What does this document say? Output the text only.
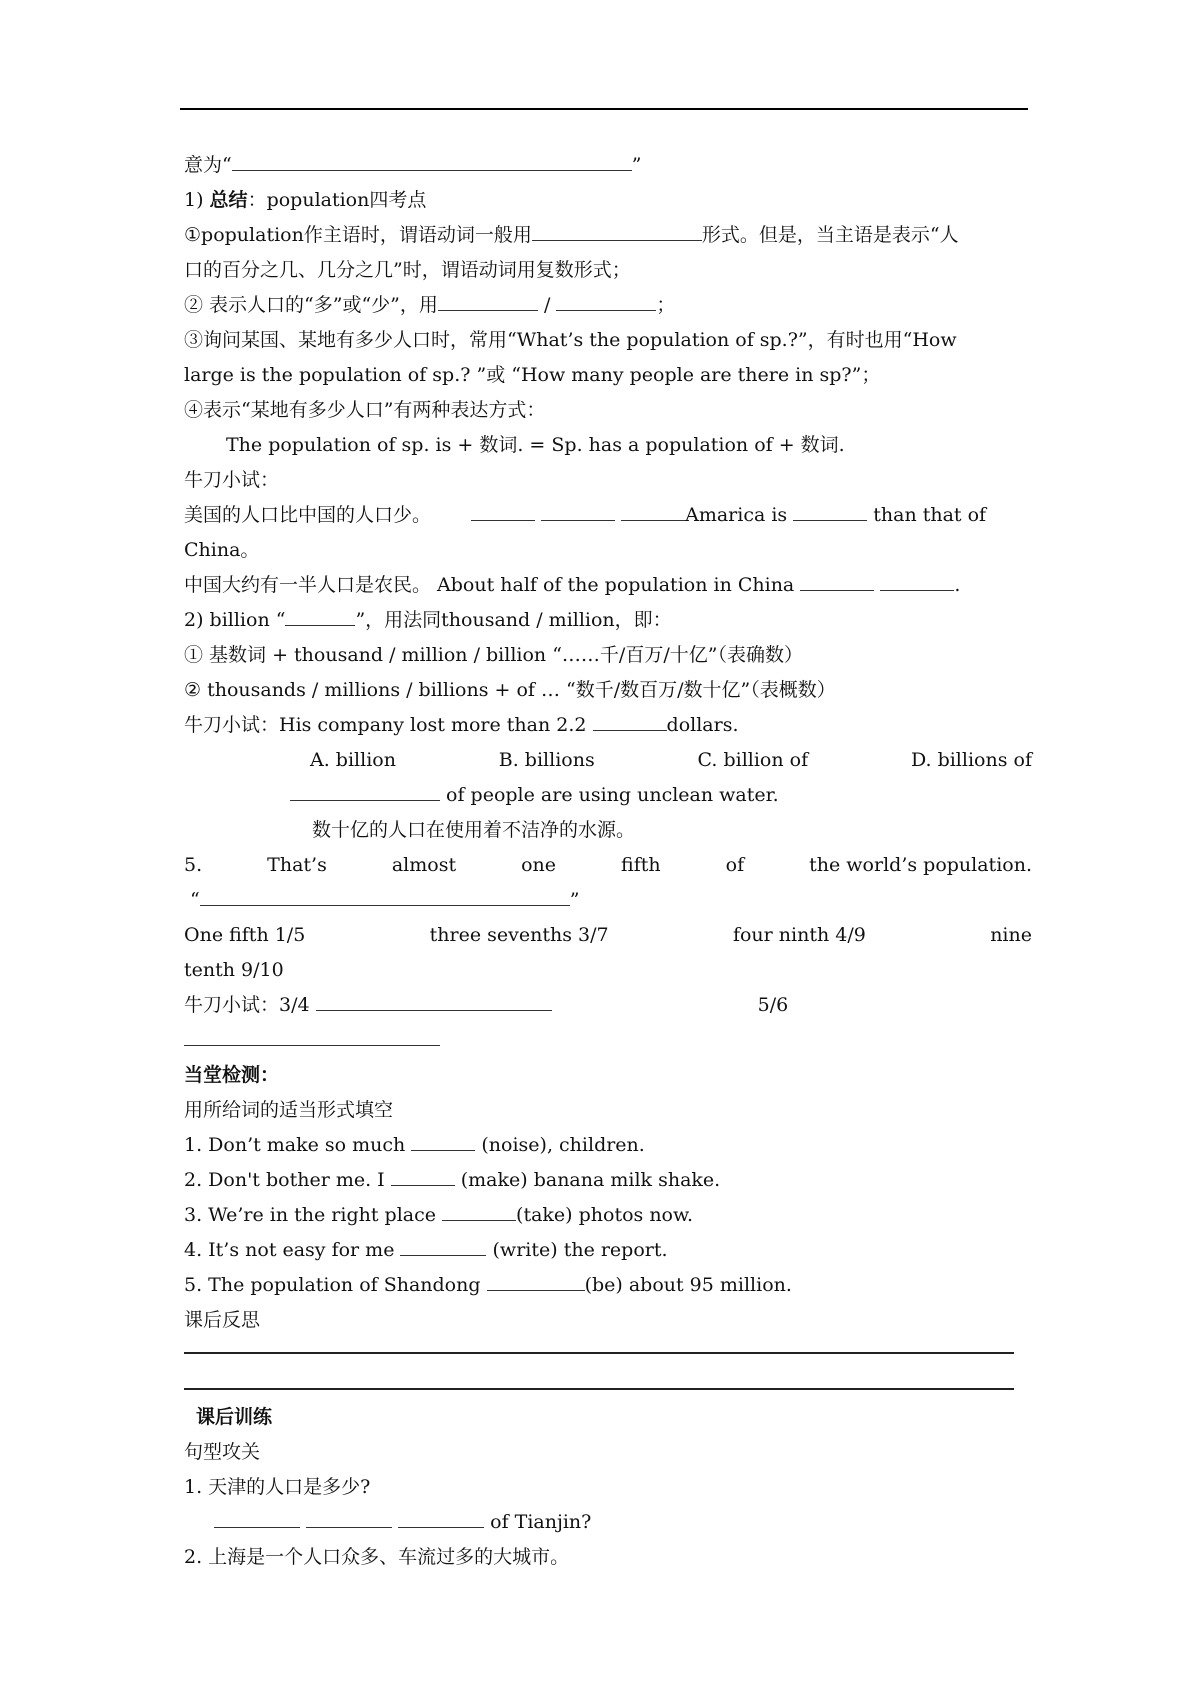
意为“	”
1) 总结：population四考点
①population作主语时，谓语动词一般用	形式。但是，当主语是表示“人
口的百分之几、几分之几”时，谓语动词用复数形式；
② 表示人口的“多”或“少”，用	/	；
③询问某国、某地有多少人口时，常用“What’s the population of sp.?”，有时也用“How
large is the population of sp.? ”或 “How many people are there in sp?”；
④表示“某地有多少人口”有两种表达方式：
The population of sp. is + 数词. = Sp. has a population of + 数词.
牛刀小试：
美国的人口比中国的人口少。	Amarica is	than that of
China。
中国大约有一半人口是农民。 About half of the population in China	.
2) billion “	”，用法同thousand / million，即：
① 基数词 + thousand / million / billion “……千/百万/十亿”（表确数）
② thousands / millions / billions + of … “数千/数百万/数十亿”（表概数）
牛刀小试：His company lost more than 2.2	dollars.
A. billion	B. billions	C. billion of	D. billions of
of people are using unclean water.
数十亿的人口在使用着不洁净的水源。
5.	That’s	almost	one	fifth	of	the world’s population.
“	”
One fifth 1/5	three sevenths 3/7	four ninth 4/9	nine
tenth 9/10
牛刀小试：3/4	5/6
当堂检测：
用所给词的适当形式填空
1. Don’t make so much	(noise), children.
2. Don't bother me. I	(make) banana milk shake.
3. We’re in the right place	(take) photos now.
4. It’s not easy for me	(write) the report.
5. The population of Shandong	(be) about 95 million.
课后反思
课后训练
句型攻关
1. 天津的人口是多少?
of Tianjin?
2. 上海是一个人口众多、车流过多的大城市。
